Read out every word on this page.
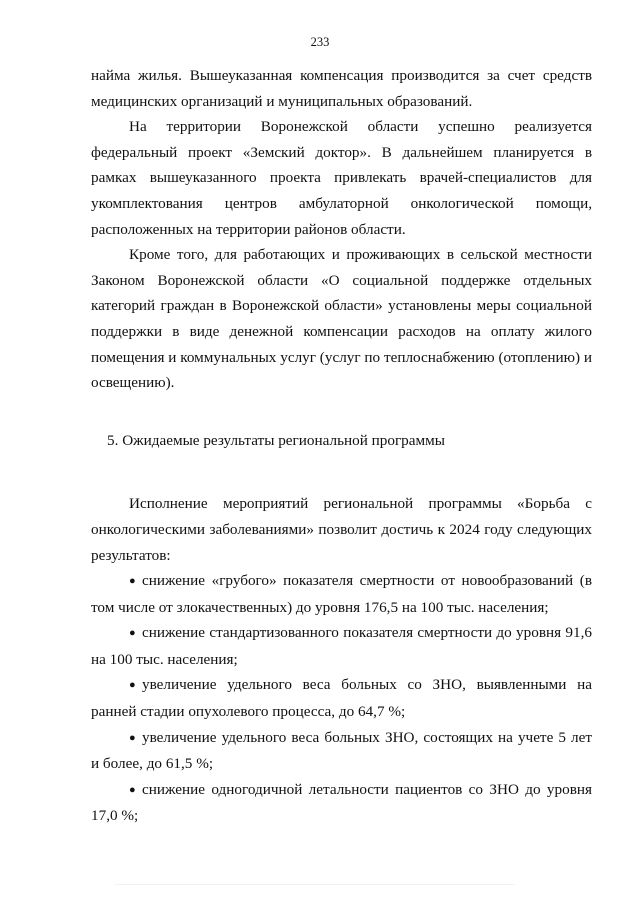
233

найма жилья. Вышеуказанная компенсация производится за счет средств медицинских организаций и муниципальных образований.

На территории Воронежской области успешно реализуется федеральный проект «Земский доктор». В дальнейшем планируется в рамках вышеуказанного проекта привлекать врачей-специалистов для укомплектования центров амбулаторной онкологической помощи, расположенных на территории районов области.

Кроме того, для работающих и проживающих в сельской местности Законом Воронежской области «О социальной поддержке отдельных категорий граждан в Воронежской области» установлены меры социальной поддержки в виде денежной компенсации расходов на оплату жилого помещения и коммунальных услуг (услуг по теплоснабжению (отоплению) и освещению).

5. Ожидаемые результаты региональной программы

Исполнение мероприятий региональной программы «Борьба с онкологическими заболеваниями» позволит достичь к 2024 году следующих результатов:

● снижение «грубого» показателя смертности от новообразований (в том числе от злокачественных) до уровня 176,5 на 100 тыс. населения;
● снижение стандартизованного показателя смертности до уровня 91,6 на 100 тыс. населения;
● увеличение удельного веса больных со ЗНО, выявленными на ранней стадии опухолевого процесса, до 64,7 %;
● увеличение удельного веса больных ЗНО, состоящих на учете 5 лет и более, до 61,5 %;
● снижение одногодичной летальности пациентов со ЗНО до уровня 17,0 %;
